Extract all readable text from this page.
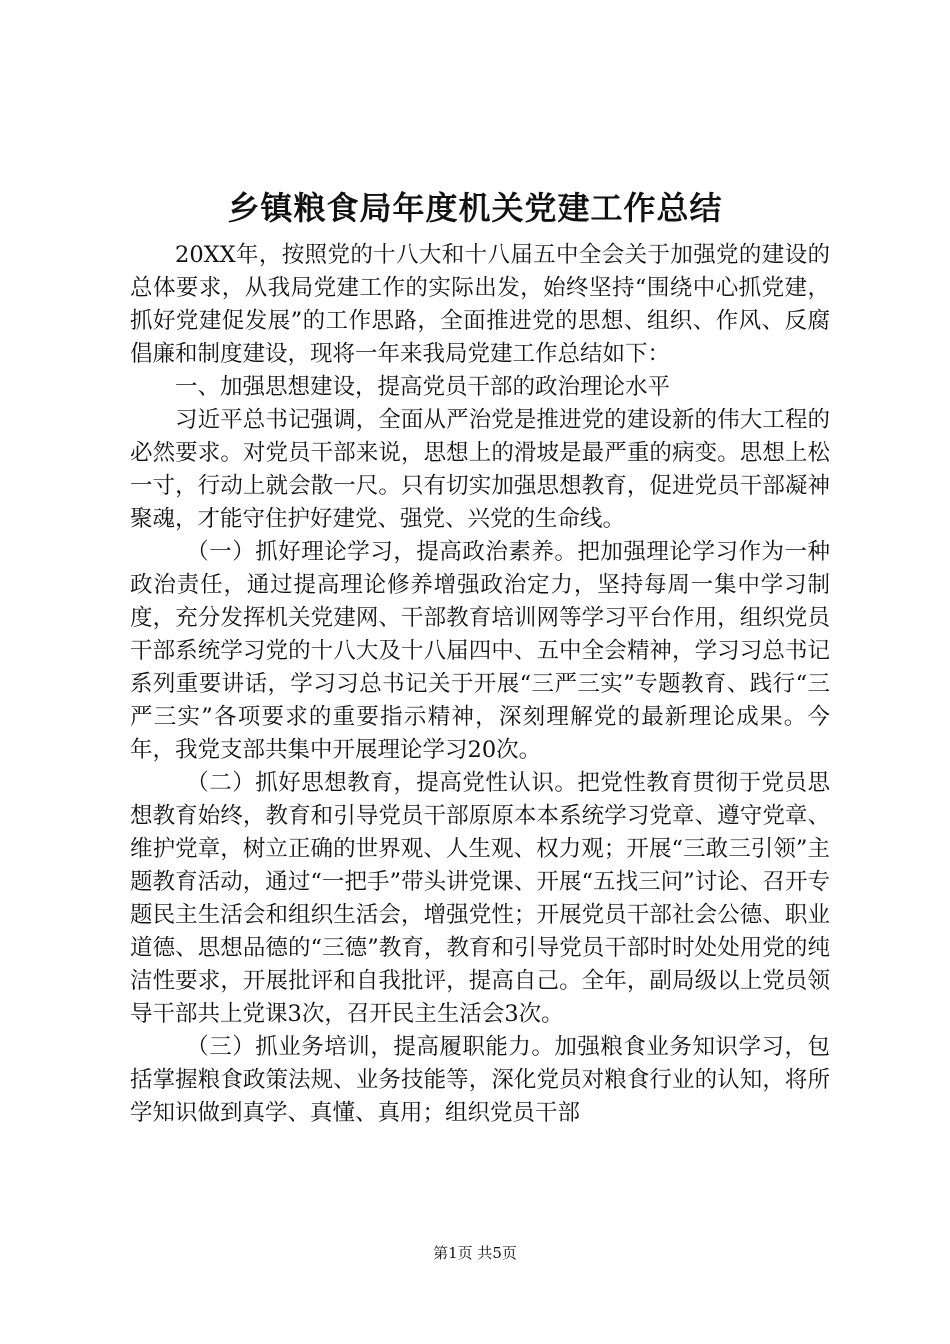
乡镇粮食局年度机关党建工作总结

20XX年，按照党的十八大和十八届五中全会关于加强党的建设的总体要求，从我局党建工作的实际出发，始终坚持“围绕中心抓党建，抓好党建促发展”的工作思路，全面推进党的思想、组织、作风、反腐倡廉和制度建设，现将一年来我局党建工作总结如下：

一、加强思想建设，提高党员干部的政治理论水平

习近平总书记强调，全面从严治党是推进党的建设新的伟大工程的必然要求。对党员干部来说，思想上的滑坡是最严重的病变。思想上松一寸，行动上就会散一尺。只有切实加强思想教育，促进党员干部凝神聚魂，才能守住护好建党、强党、兴党的生命线。

（一）抓好理论学习，提高政治素养。把加强理论学习作为一种政治责任，通过提高理论修养增强政治定力，坚持每周一集中学习制度，充分发挥机关党建网、干部教育培训网等学习平台作用，组织党员干部系统学习党的十八大及十八届四中、五中全会精神，学习习总书记系列重要讲话，学习习总书记关于开展“三严三实”专题教育、践行“三严三实”各项要求的重要指示精神，深刻理解党的最新理论成果。今年，我党支部共集中开展理论学习20次。

（二）抓好思想教育，提高党性认识。把党性教育贯彻于党员思想教育始终，教育和引导党员干部原原本本系统学习党章、遵守党章、维护党章，树立正确的世界观、人生观、权力观；开展“三敢三引领”主题教育活动，通过“一把手”带头讲党课、开展“五找三问”讨论、召开专题民主生活会和组织生活会，增强党性；开展党员干部社会公德、职业道德、思想品德的“三德”教育，教育和引导党员干部时时处处用党的纯洁性要求，开展批评和自我批评，提高自己。全年，副局级以上党员领导干部共上党课3次，召开民主生活会3次。

（三）抓业务培训，提高履职能力。加强粮食业务知识学习，包括掌握粮食政策法规、业务技能等，深化党员对粮食行业的认知，将所学知识做到真学、真懂、真用；组织党员干部

第1页 共5页
